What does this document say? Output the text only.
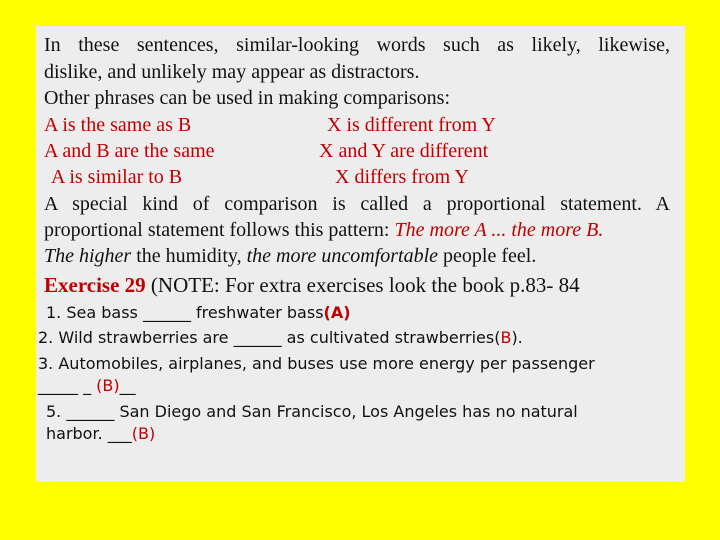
In these sentences, similar-looking words such as likely, likewise,
dislike, and unlikely may appear as distractors.
Other phrases can be used in making comparisons:
A is the same as B	X is different from Y
A and B are the same	X and Y are different
A is similar to B	X differs from Y
A special kind of comparison is called a proportional statement. A
proportional statement follows this pattern: The more A ... the more B.
The higher the humidity, the more uncomfortable people feel.
Exercise 29 (NOTE: For extra exercises look the book p.83- 84
1. Sea bass ______ freshwater bass(A)
2. Wild strawberries are ______ as cultivated strawberries(B).
3. Automobiles, airplanes, and buses use more energy per passenger
_____ _ (B)__
5. ______ San Diego and San Francisco, Los Angeles has no natural
harbor. ___(B)
